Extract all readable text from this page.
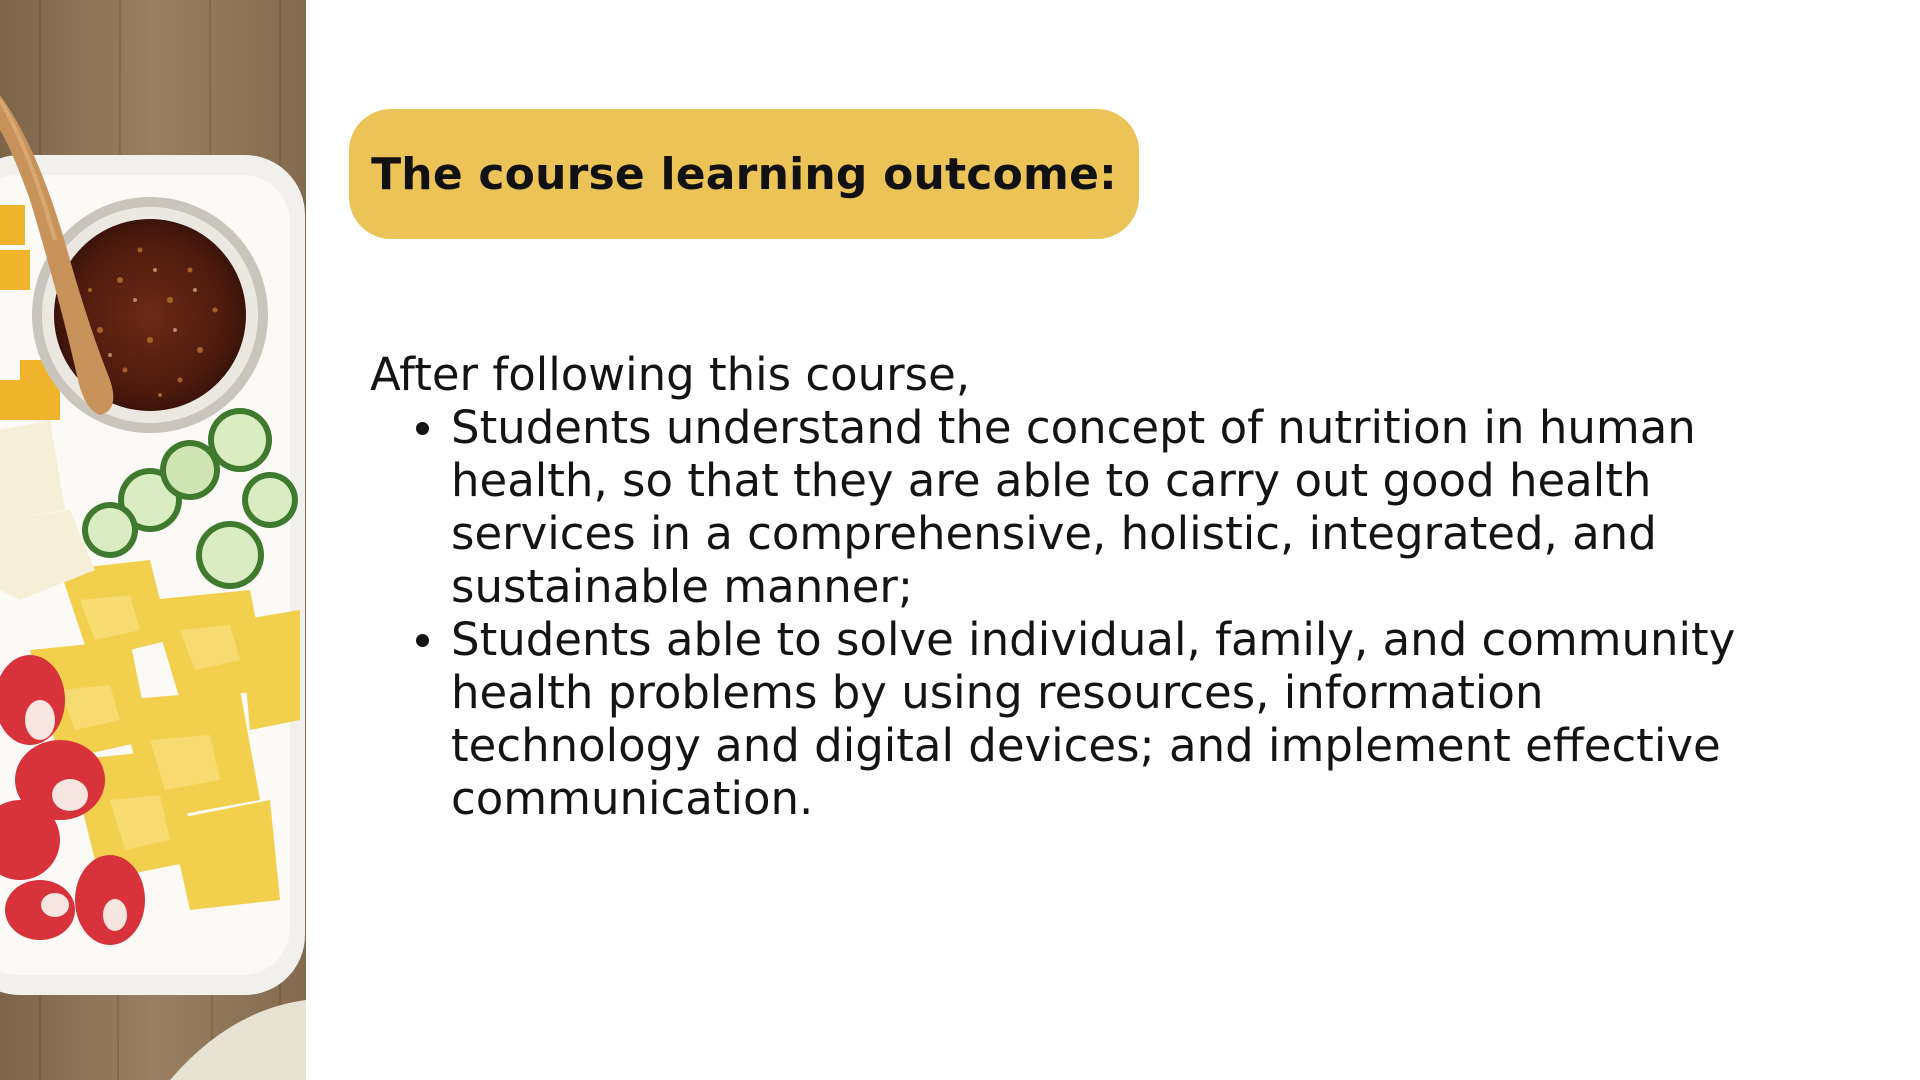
The course learning outcome:

After following this course,

Students understand the concept of nutrition in human health, so that they are able to carry out good health services in a comprehensive, holistic, integrated, and sustainable manner;
Students able to solve individual, family, and community health problems by using resources, information technology and digital devices; and implement effective communication.
